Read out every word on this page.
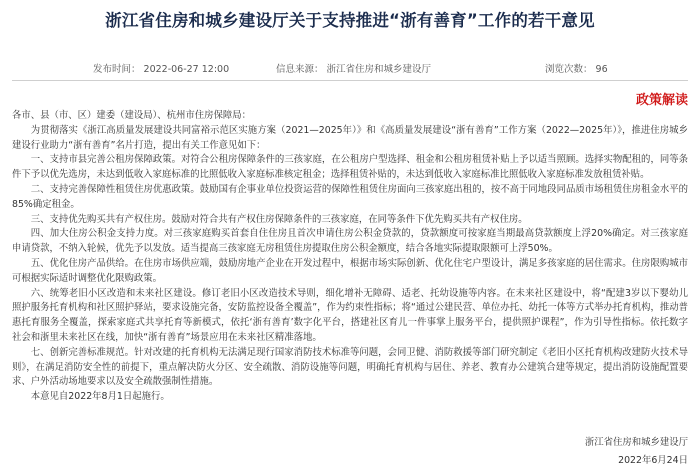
浙江省住房和城乡建设厅关于支持推进“浙有善育”工作的若干意见
发布时间： 2022-06-27 12:00	信息来源： 浙江省住房和城乡建设厅	浏览次数： 96
政策解读

各市、县（市、区）建委（建设局）、杭州市住房保障局：

为贯彻落实《浙江高质量发展建设共同富裕示范区实施方案（2021—2025年）》和《高质量发展建设“浙有善育”工作方案（2022—2025年）》，推进住房城乡建设行业助力“浙有善育”名片打造，提出有关工作意见如下：

一、支持市县完善公租房保障政策。对符合公租房保障条件的三孩家庭，在公租房户型选择、租金和公租房租赁补贴上予以适当照顾。选择实物配租的，同等条件下予以优先选房，未达到低收入家庭标准的比照低收入家庭标准核定租金；选择租赁补贴的，未达到低收入家庭标准比照低收入家庭标准发放租赁补贴。

二、支持完善保障性租赁住房优惠政策。鼓励国有企事业单位投资运营的保障性租赁住房面向三孩家庭出租的，按不高于同地段同品质市场租赁住房租金水平的85%确定租金。

三、支持优先购买共有产权住房。鼓励对符合共有产权住房保障条件的三孩家庭，在同等条件下优先购买共有产权住房。

四、加大住房公积金支持力度。对三孩家庭购买首套自住住房且首次申请住房公积金贷款的，贷款额度可按家庭当期最高贷款额度上浮20%确定。对三孩家庭申请贷款，不纳入轮候，优先予以发放。适当提高三孩家庭无房租赁住房提取住房公积金额度，结合各地实际提取限额可上浮50%。

五、优化住房产品供给。在住房市场供应端，鼓励房地产企业在开发过程中，根据市场实际创新、优化住宅户型设计，满足多孩家庭的居住需求。住房限购城市可根据实际适时调整优化限购政策。

六、统筹老旧小区改造和未来社区建设。修订老旧小区改造技术导则，细化增补无障碍、适老、托幼设施等内容。在未来社区建设中，将“配建3岁以下婴幼儿照护服务托育机构和社区照护驿站，要求设施完备，安防监控设备全覆盖”，作为约束性指标；将“通过公建民营、单位办托、幼托一体等方式举办托育机构，推动普惠托育服务全覆盖，探索家庭式共享托育等新模式，依托‘浙有善育’数字化平台，搭建社区育儿一件事掌上服务平台，提供照护课程”，作为引导性指标。依托数字社会和浙里未来社区在线，加快“浙有善育”场景应用在未来社区精准落地。

七、创新完善标准规范。针对改建的托育机构无法满足现行国家消防技术标准等问题，会同卫健、消防救援等部门研究制定《老旧小区托育机构改建防火技术导则》，在满足消防安全性的前提下，重点解决防火分区、安全疏散、消防设施等问题，明确托育机构与居住、养老、教育办公建筑合建等规定，提出消防设施配置要求、户外活动场地要求以及安全疏散强制性措施。

本意见自2022年8月1日起施行。

浙江省住房和城乡建设厅
2022年6月24日
